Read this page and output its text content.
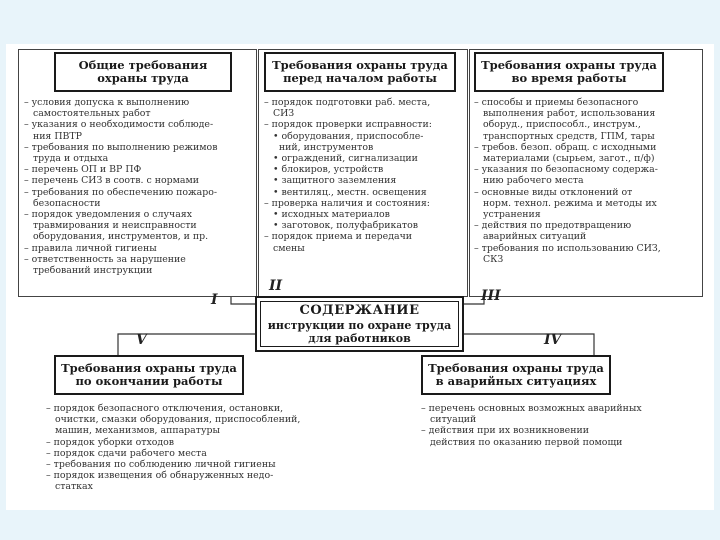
Общие требования
охраны труда
Требования охраны труда
перед началом работы
Требования охраны труда
во время работы
– условия допуска к выполнению
самостоятельных работ
– указания о необходимости соблюде-
ния ПВТР
– требования по выполнению режимов
труда и отдыха
– перечень ОП и ВР ПФ
– перечень СИЗ в соотв. с нормами
– требования по обеспечению пожаро-
безопасности
– порядок уведомления о случаях
травмирования и неисправности
оборудования, инструментов, и пр.
– правила личной гигиены
– ответственность за нарушение
требований инструкции
– порядок подготовки раб. места,
СИЗ
– порядок проверки исправности:
• оборудования, приспособле-
ний, инструментов
• ограждений, сигнализации
• блокиров, устройств
• защитного заземления
• вентиляц., местн. освещения
– проверка наличия и состояния:
• исходных материалов
• заготовок, полуфабрикатов
– порядок приема и передачи
смены
– способы и приемы безопасного
выполнения работ, использования
оборуд., приспособл., инструм.,
транспортных средств, ГПМ, тары
– требов. безоп. обращ. с исходными
материалами (сырьем, загот., п/ф)
– указания по безопасному содержа-
нию рабочего места
– основные виды отклонений от
норм. технол. режима и методы их
устранения
– действия по предотвращению
аварийных ситуаций
– требования по использованию СИЗ,
СКЗ
I
II
III
V	IV
СОДЕРЖАНИЕ
инструкции по охране труда
для работников
Требования охраны труда
по окончании работы
Требования охраны труда
в аварийных ситуациях
– порядок безопасного отключения, остановки,
очистки, смазки оборудования, приспособлений,
машин, механизмов, аппаратуры
– порядок уборки отходов
– порядок сдачи рабочего места
– требования по соблюдению личной гигиены
– порядок извещения об обнаруженных недо-
статках
– перечень основных возможных аварийных
ситуаций
– действия при их возникновении
действия по оказанию первой помощи
